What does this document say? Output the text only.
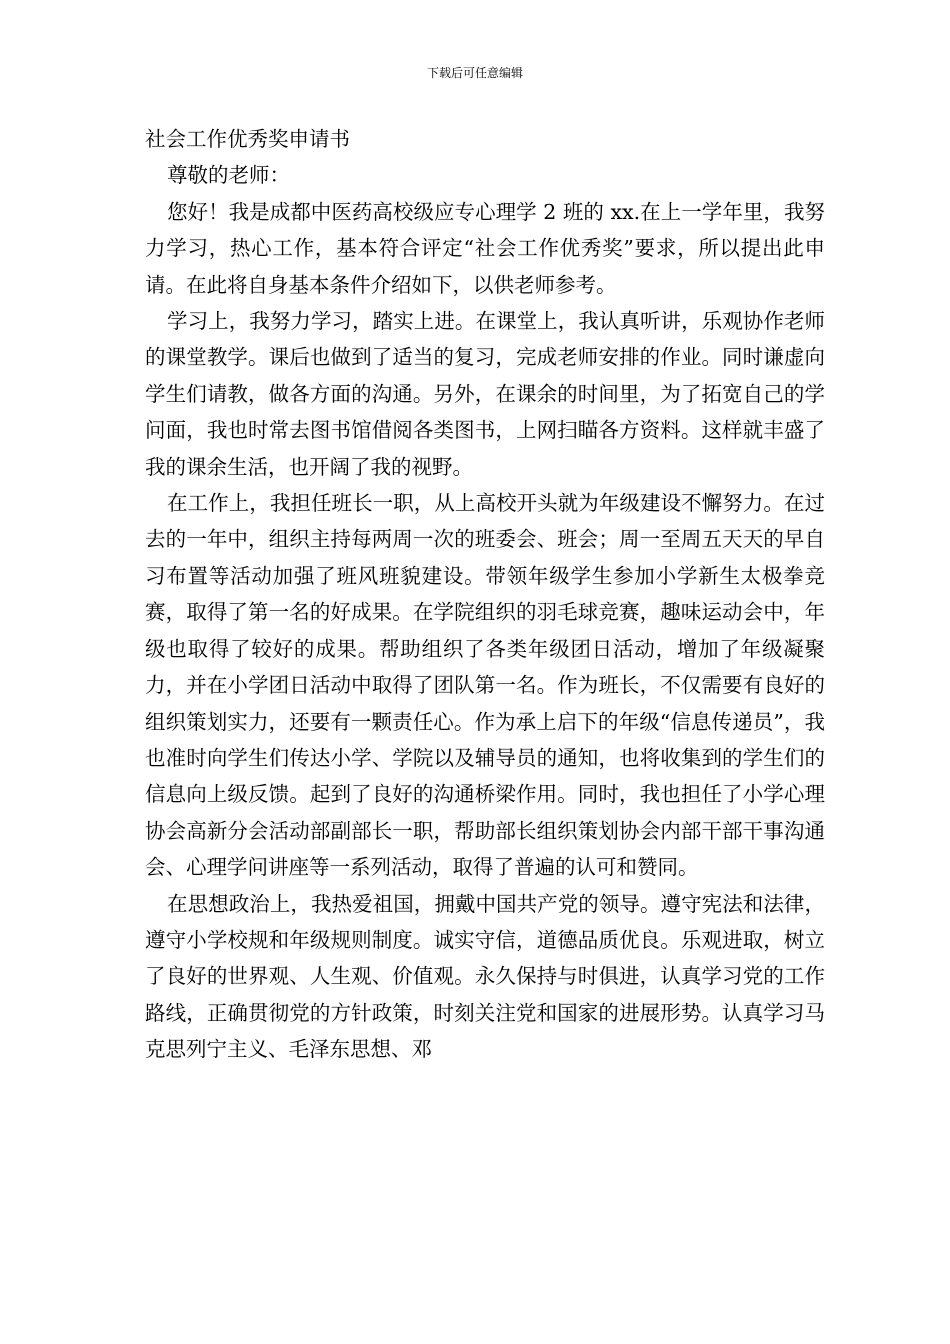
下载后可任意编辑
社会工作优秀奖申请书

尊敬的老师：

您好！我是成都中医药高校级应专心理学 2 班的 xx.在上一学年里，我努力学习，热心工作，基本符合评定“社会工作优秀奖”要求，所以提出此申请。在此将自身基本条件介绍如下，以供老师参考。

学习上，我努力学习，踏实上进。在课堂上，我认真听讲，乐观协作老师的课堂教学。课后也做到了适当的复习，完成老师安排的作业。同时谦虚向学生们请教，做各方面的沟通。另外，在课余的时间里，为了拓宽自己的学问面，我也时常去图书馆借阅各类图书，上网扫瞄各方资料。这样就丰盛了我的课余生活，也开阔了我的视野。

在工作上，我担任班长一职，从上高校开头就为年级建设不懈努力。在过去的一年中，组织主持每两周一次的班委会、班会；周一至周五天天的早自习布置等活动加强了班风班貌建设。带领年级学生参加小学新生太极拳竞赛，取得了第一名的好成果。在学院组织的羽毛球竞赛，趣味运动会中，年级也取得了较好的成果。帮助组织了各类年级团日活动，增加了年级凝聚力，并在小学团日活动中取得了团队第一名。作为班长，不仅需要有良好的组织策划实力，还要有一颗责任心。作为承上启下的年级“信息传递员”，我也准时向学生们传达小学、学院以及辅导员的通知，也将收集到的学生们的信息向上级反馈。起到了良好的沟通桥梁作用。同时，我也担任了小学心理协会高新分会活动部副部长一职，帮助部长组织策划协会内部干部干事沟通会、心理学问讲座等一系列活动，取得了普遍的认可和赞同。

在思想政治上，我热爱祖国，拥戴中国共产党的领导。遵守宪法和法律，遵守小学校规和年级规则制度。诚实守信，道德品质优良。乐观进取，树立了良好的世界观、人生观、价值观。永久保持与时俱进，认真学习党的工作路线，正确贯彻党的方针政策，时刻关注党和国家的进展形势。认真学习马克思列宁主义、毛泽东思想、邓
